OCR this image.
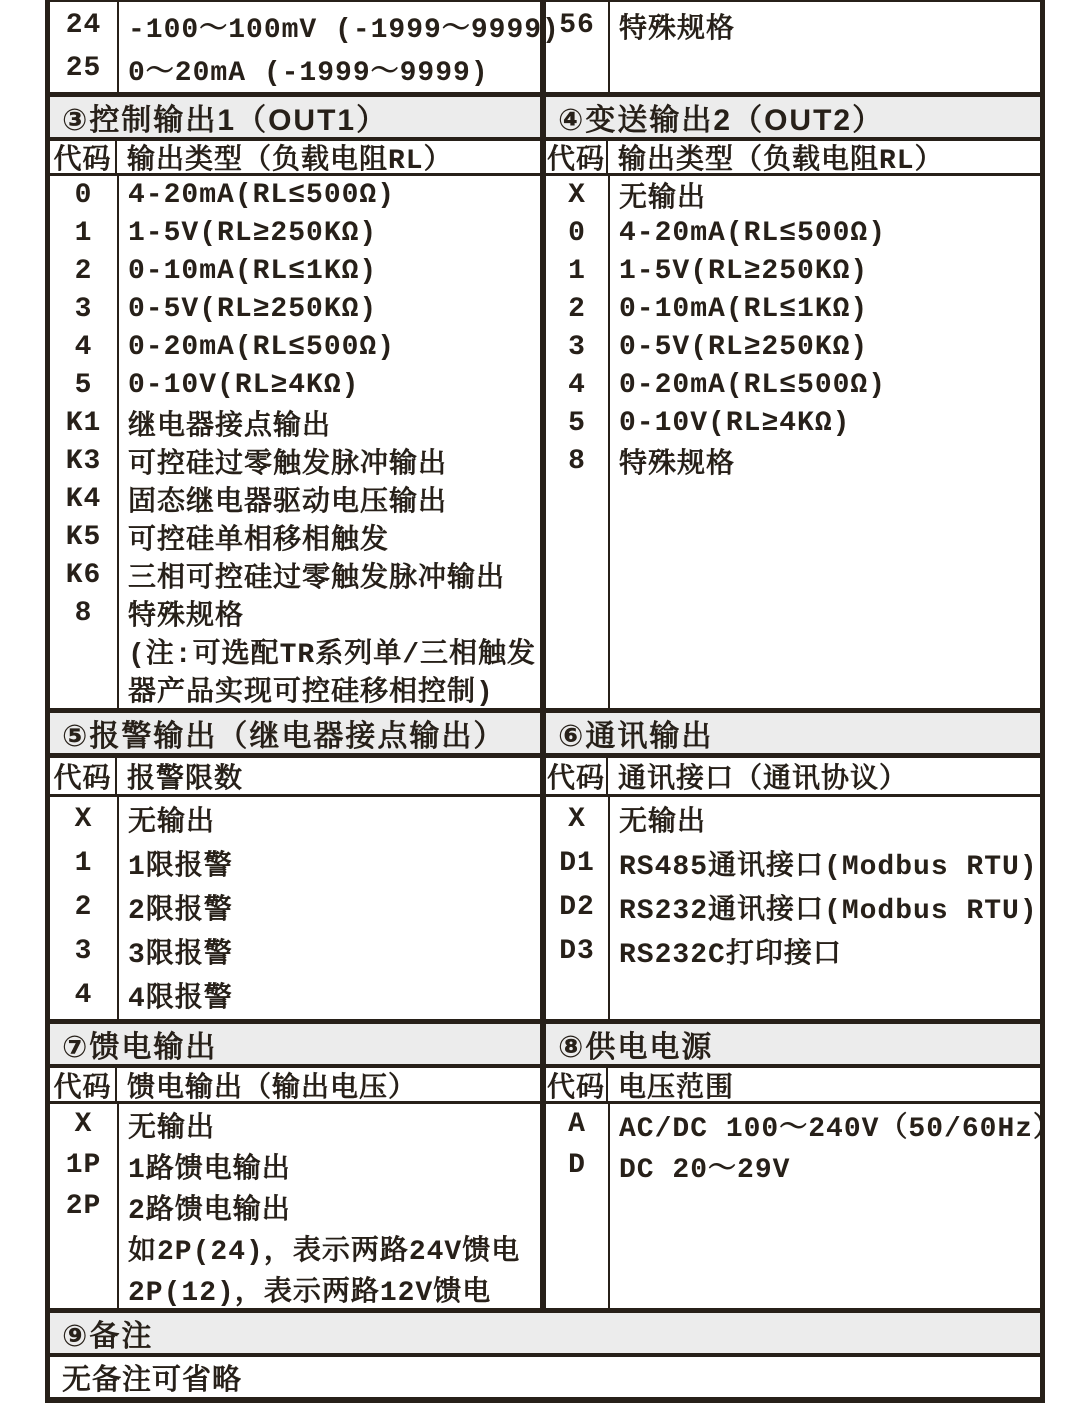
24 -100～100mV (-1999～9999)
25 0～20mA (-1999～9999)
56 特殊规格
③控制输出1（OUT1）	④变送输出2（OUT2）
代码 输出类型（负载电阻RL）	代码 输出类型（负载电阻RL）
0	4-20mA(RL≤500Ω)
1	1-5V(RL≥250KΩ)
2	0-10mA(RL≤1KΩ)
3	0-5V(RL≥250KΩ)
4	0-20mA(RL≤500Ω)
5	0-10V(RL≥4KΩ)
K1 继电器接点输出
K3 可控硅过零触发脉冲输出
K4 固态继电器驱动电压输出
K5 可控硅单相移相触发
K6 三相可控硅过零触发脉冲输出
8	特殊规格
(注:可选配TR系列单/三相触发
器产品实现可控硅移相控制)
X	无输出
0	4-20mA(RL≤500Ω)
1	1-5V(RL≥250KΩ)
2	0-10mA(RL≤1KΩ)
3	0-5V(RL≥250KΩ)
4	0-20mA(RL≤500Ω)
5	0-10V(RL≥4KΩ)
8	特殊规格
⑤报警输出（继电器接点输出）	⑥通讯输出
代码 报警限数	代码 通讯接口（通讯协议）
X	无输出
1	1限报警
2	2限报警
3	3限报警
4	4限报警
X	无输出
D1 RS485通讯接口(Modbus RTU)
D2 RS232通讯接口(Modbus RTU)
D3 RS232C打印接口
⑦馈电输出	⑧供电电源
代码 馈电输出（输出电压）	代码 电压范围
X	无输出
1P 1路馈电输出
2P 2路馈电输出
如2P(24)，表示两路24V馈电
2P(12)，表示两路12V馈电
A	AC/DC 100～240V（50/60Hz）
D	DC 20～29V
⑨备注
无备注可省略
